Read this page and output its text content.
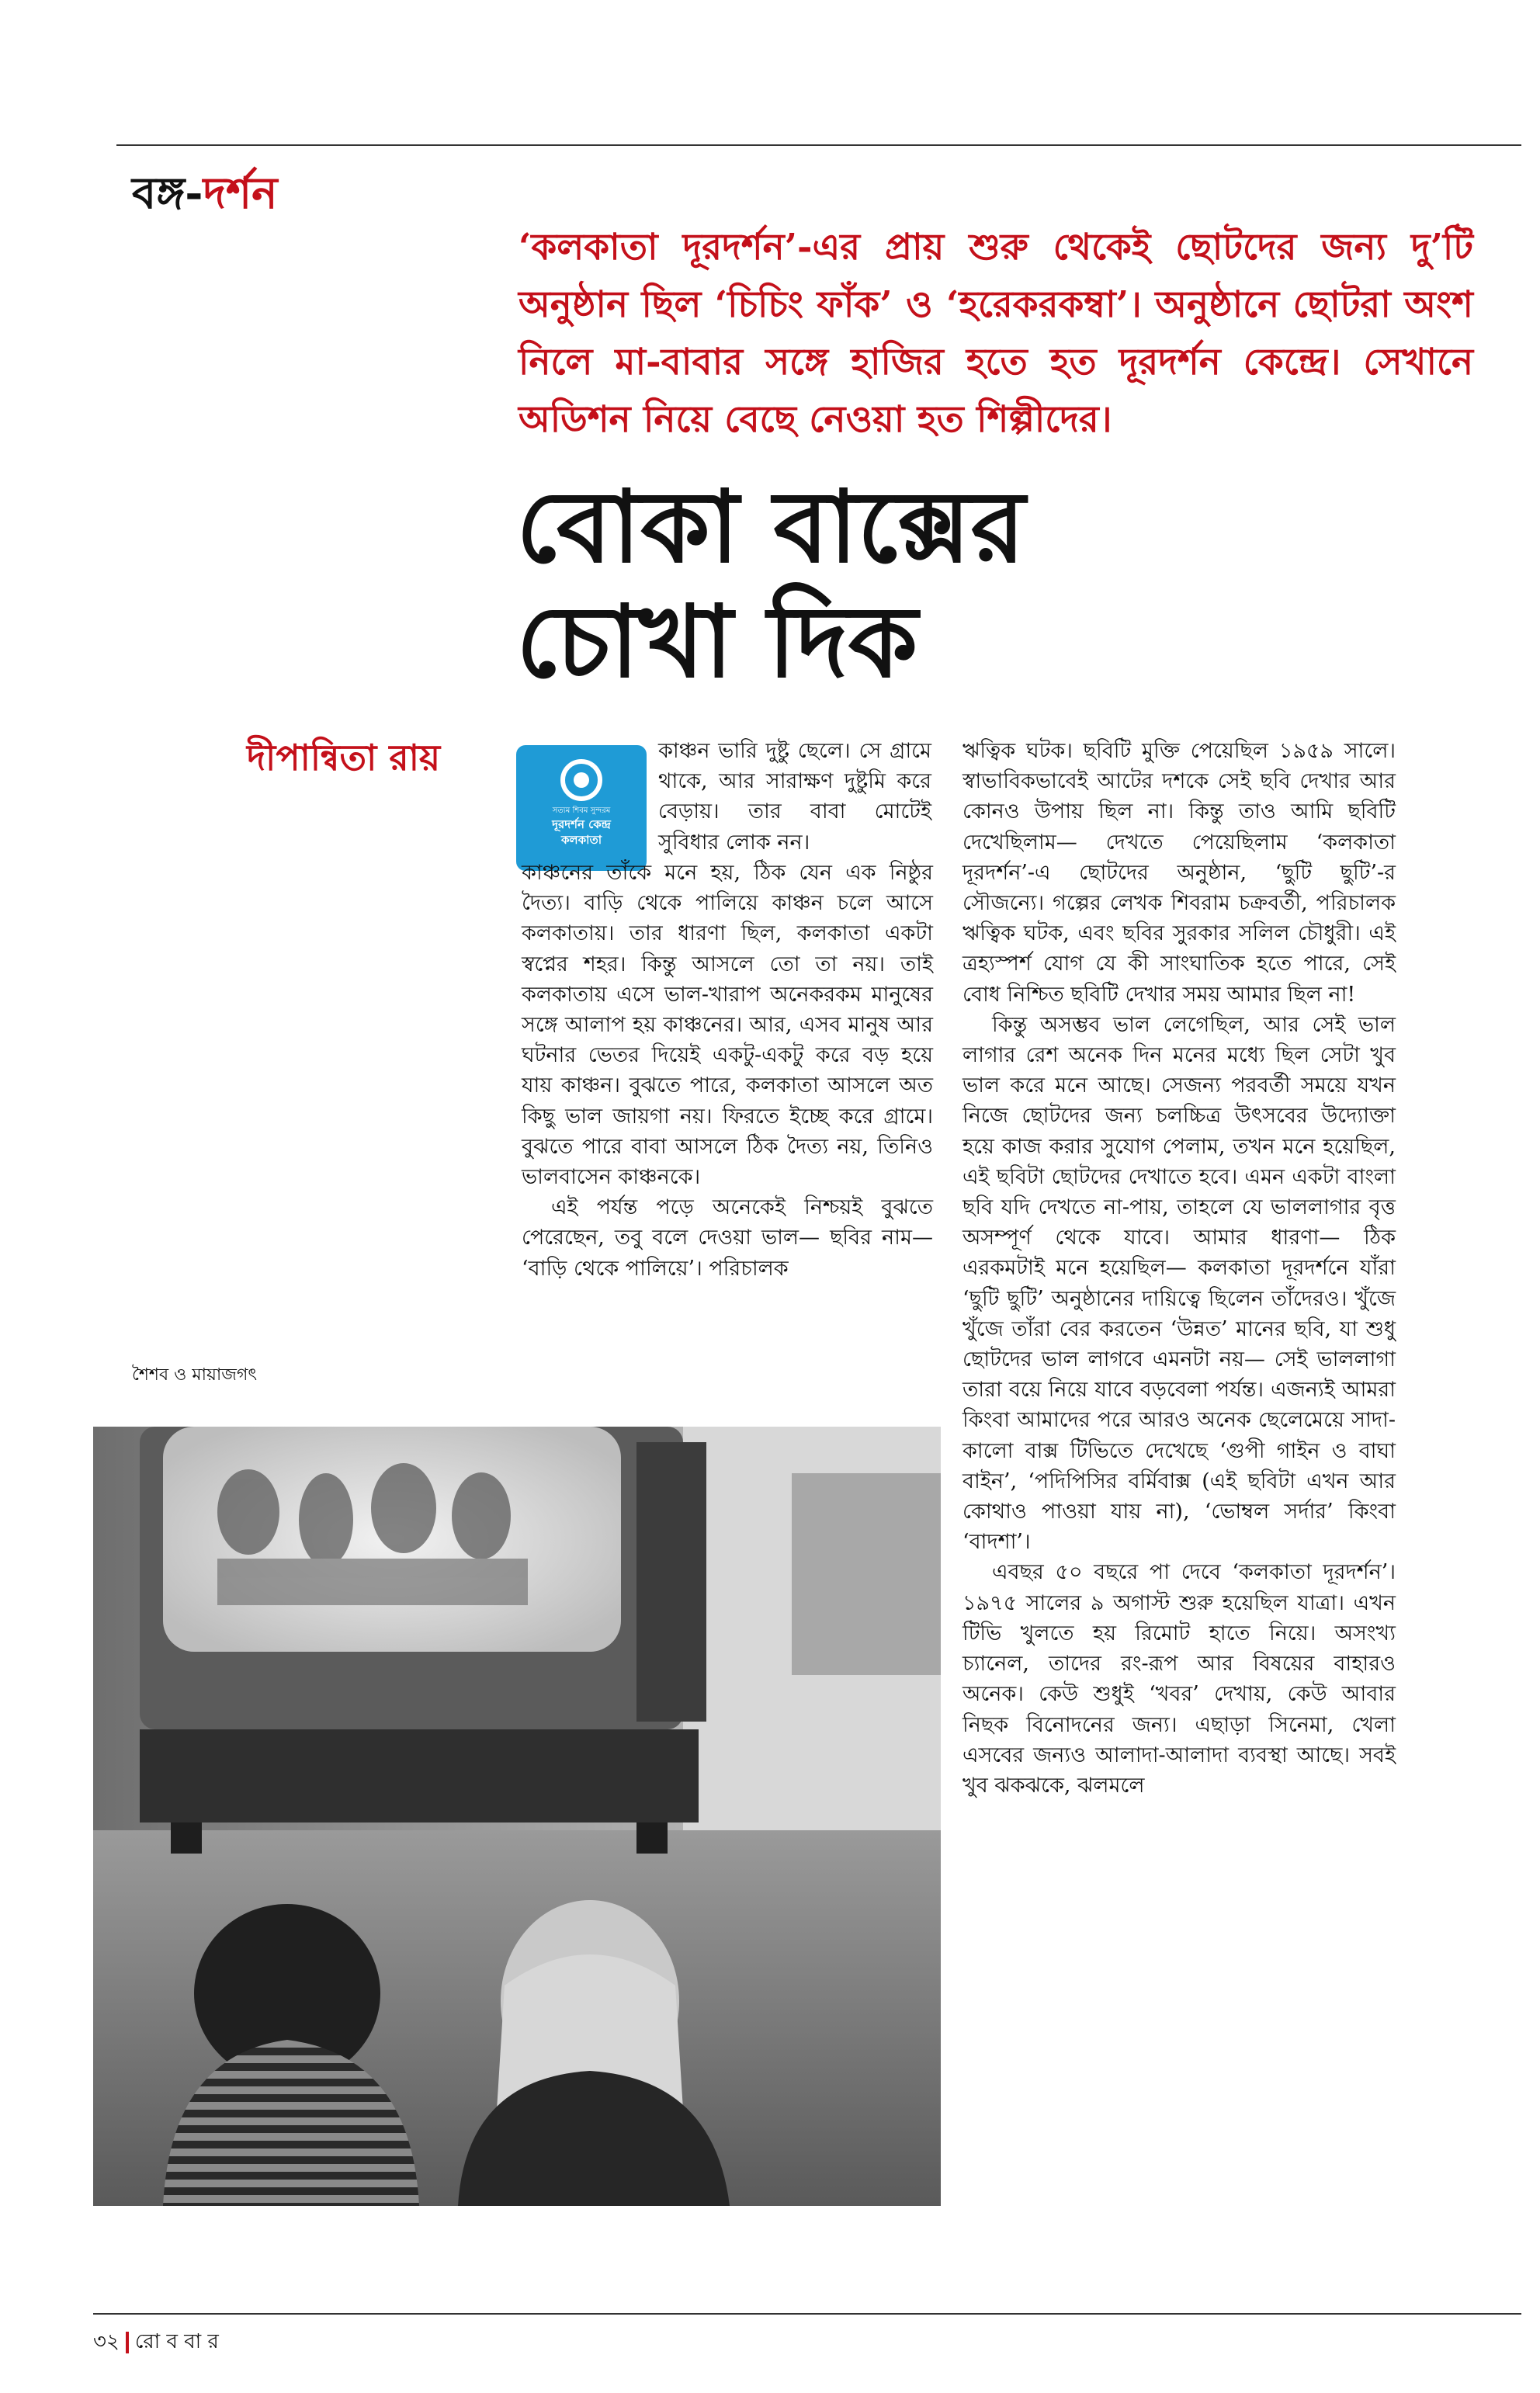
বঙ্গ-দর্শন
‘কলকাতা দূরদর্শন’-এর প্রায় শুরু থেকেই ছোটদের জন্য দু’টি অনুষ্ঠান ছিল ‘চিচিং ফাঁক’ ও ‘হরেকরকম্বা’। অনুষ্ঠানে ছোটরা অংশ নিলে মা-বাবার সঙ্গে হাজির হতে হত দূরদর্শন কেন্দ্রে। সেখানে অডিশন নিয়ে বেছে নেওয়া হত শিল্পীদের।
বোকা বাক্সের
চোখা দিক
দীপান্বিতা রায়
সত্যম শিবম সুন্দরম
দূরদর্শন কেন্দ্র
কলকাতা

কাঞ্চন ভারি দুষ্টু ছেলে। সে গ্রামে থাকে, আর সারাক্ষণ দুষ্টুমি করে বেড়ায়। তার বাবা মোটেই সুবিধার লোক নন।

কাঞ্চনের তাঁকে মনে হয়, ঠিক যেন এক নিষ্ঠুর দৈত্য। বাড়ি থেকে পালিয়ে কাঞ্চন চলে আসে কলকাতায়। তার ধারণা ছিল, কলকাতা একটা স্বপ্নের শহর। কিন্তু আসলে তো তা নয়। তাই কলকাতায় এসে ভাল-খারাপ অনেকরকম মানুষের সঙ্গে আলাপ হয় কাঞ্চনের। আর, এসব মানুষ আর ঘটনার ভেতর দিয়েই একটু-একটু করে বড় হয়ে যায় কাঞ্চন। বুঝতে পারে, কলকাতা আসলে অত কিছু ভাল জায়গা নয়। ফিরতে ইচ্ছে করে গ্রামে। বুঝতে পারে বাবা আসলে ঠিক দৈত্য নয়, তিনিও ভালবাসেন কাঞ্চনকে।

এই পর্যন্ত পড়ে অনেকেই নিশ্চয়ই বুঝতে পেরেছেন, তবু বলে দেওয়া ভাল— ছবির নাম— ‘বাড়ি থেকে পালিয়ে’। পরিচালক

ঋত্বিক ঘটক। ছবিটি মুক্তি পেয়েছিল ১৯৫৯ সালে। স্বাভাবিকভাবেই আটের দশকে সেই ছবি দেখার আর কোনও উপায় ছিল না। কিন্তু তাও আমি ছবিটি দেখেছিলাম— দেখতে পেয়েছিলাম ‘কলকাতা দূরদর্শন’-এ ছোটদের অনুষ্ঠান, ‘ছুটি ছুটি’-র সৌজন্যে। গল্পের লেখক শিবরাম চক্রবর্তী, পরিচালক ঋত্বিক ঘটক, এবং ছবির সুরকার সলিল চৌধুরী। এই ত্রহ্যস্পর্শ যোগ যে কী সাংঘাতিক হতে পারে, সেই বোধ নিশ্চিত ছবিটি দেখার সময় আমার ছিল না!

কিন্তু অসম্ভব ভাল লেগেছিল, আর সেই ভাল লাগার রেশ অনেক দিন মনের মধ্যে ছিল সেটা খুব ভাল করে মনে আছে। সেজন্য পরবর্তী সময়ে যখন নিজে ছোটদের জন্য চলচ্চিত্র উৎসবের উদ্যোক্তা হয়ে কাজ করার সুযোগ পেলাম, তখন মনে হয়েছিল, এই ছবিটা ছোটদের দেখাতে হবে। এমন একটা বাংলা ছবি যদি দেখতে না-পায়, তাহলে যে ভাললাগার বৃত্ত অসম্পূর্ণ থেকে যাবে। আমার ধারণা— ঠিক এরকমটাই মনে হয়েছিল— কলকাতা দূরদর্শনে যাঁরা ‘ছুটি ছুটি’ অনুষ্ঠানের দায়িত্বে ছিলেন তাঁদেরও। খুঁজে খুঁজে তাঁরা বের করতেন ‘উন্নত’ মানের ছবি, যা শুধু ছোটদের ভাল লাগবে এমনটা নয়— সেই ভাললাগা তারা বয়ে নিয়ে যাবে বড়বেলা পর্যন্ত। এজন্যই আমরা কিংবা আমাদের পরে আরও অনেক ছেলেমেয়ে সাদা-কালো বাক্স টিভিতে দেখেছে ‘গুপী গাইন ও বাঘা বাইন’, ‘পদিপিসির বর্মিবাক্স (এই ছবিটা এখন আর কোথাও পাওয়া যায় না), ‘ভোম্বল সর্দার’ কিংবা ‘বাদশা’।

এবছর ৫০ বছরে পা দেবে ‘কলকাতা দূরদর্শন’। ১৯৭৫ সালের ৯ অগাস্ট শুরু হয়েছিল যাত্রা। এখন টিভি খুলতে হয় রিমোট হাতে নিয়ে। অসংখ্য চ্যানেল, তাদের রং-রূপ আর বিষয়ের বাহারও অনেক। কেউ শুধুই ‘খবর’ দেখায়, কেউ আবার নিছক বিনোদনের জন্য। এছাড়া সিনেমা, খেলা এসবের জন্যও আলাদা-আলাদা ব্যবস্থা আছে। সবই খুব ঝকঝকে, ঝলমলে

শৈশব ও মায়াজগৎ
৩২ রো ব বা র
